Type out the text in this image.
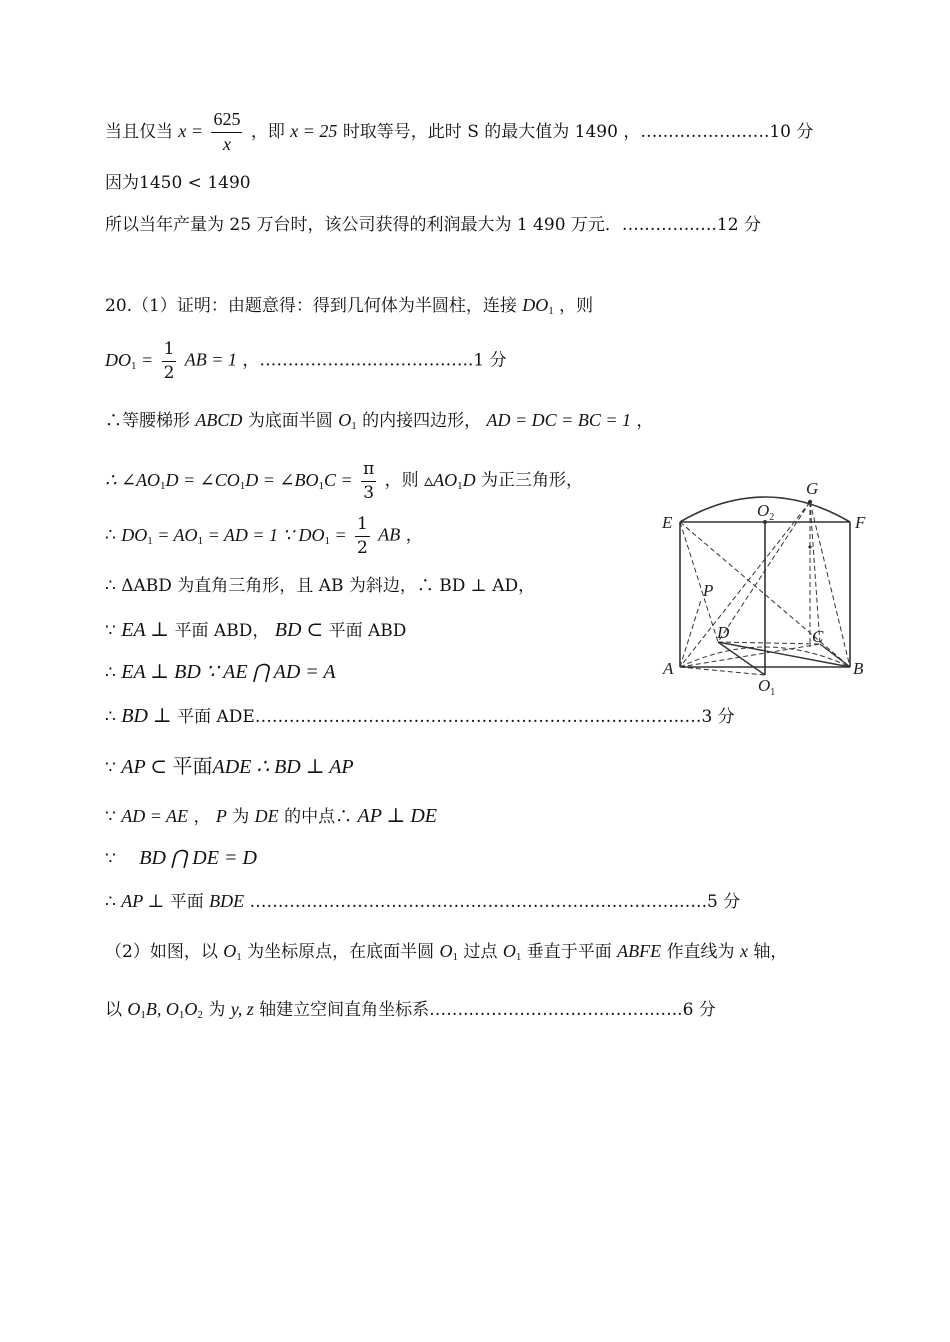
当且仅当 $x = \frac{625}{x}$ ，即 x = 25 时取等号，此时 S 的最大值为 1490 ，…..…………..….10 分
因为1450 < 1490
所以当年产量为 25 万台时，该公司获得的利润最大为 1 490 万元．…..……..….12 分
20.（1）证明：由题意得：得到几何体为半圆柱，连接 $DO_1$ ，则
$DO_1 = \frac{1}{2}$ AB = 1 ，………………..………….…..1 分
∴等腰梯形 ABCD 为底面半圆 $O_1$ 的内接四边形， AD = DC = BC = 1 ，
∴ $\angle AO_1D$ = $\angle CO_1D$ = $\angle BO_1C = \frac{\pi}{3}$ ，则 $▵AO_1D$ 为正三角形，
∴ $DO_1 = AO_1$ = AD = 1 ∵ $DO_1 = \frac{1}{2}$ AB ，
∴ ΔABD 为直角三角形，且 AB 为斜边，∴ BD ⊥ AD，
∵ EA ⊥ 平面 ABD， BD ⊂ 平面 ABD
∴ EA ⊥ BD ∵ AE ⋂ AD = A
∴ BD ⊥ 平面 ADE……………………………………………………..…………..…3 分
∵ AP ⊂ 平面ADE ∴ BD ⊥ AP
∵ AD = AE ， P 为 DE 的中点∴ AP ⊥ DE
∵ BD ⋂ DE = D
∴ AP ⊥ 平面 BDE ……………………………………………………..…………...….5 分
（2）如图，以 $O_1$ 为坐标原点，在底面半圆 $O_1$ 过点 $O_1$ 垂直于平面 ABFE 作直线为 x 轴，
以 $O_1B$, $O_1O_2$ 为 y, z 轴建立空间直角坐标系……..…………………………..…..6 分
E	F
G
$O_2$
P
D	C
A	B
$O_1$
